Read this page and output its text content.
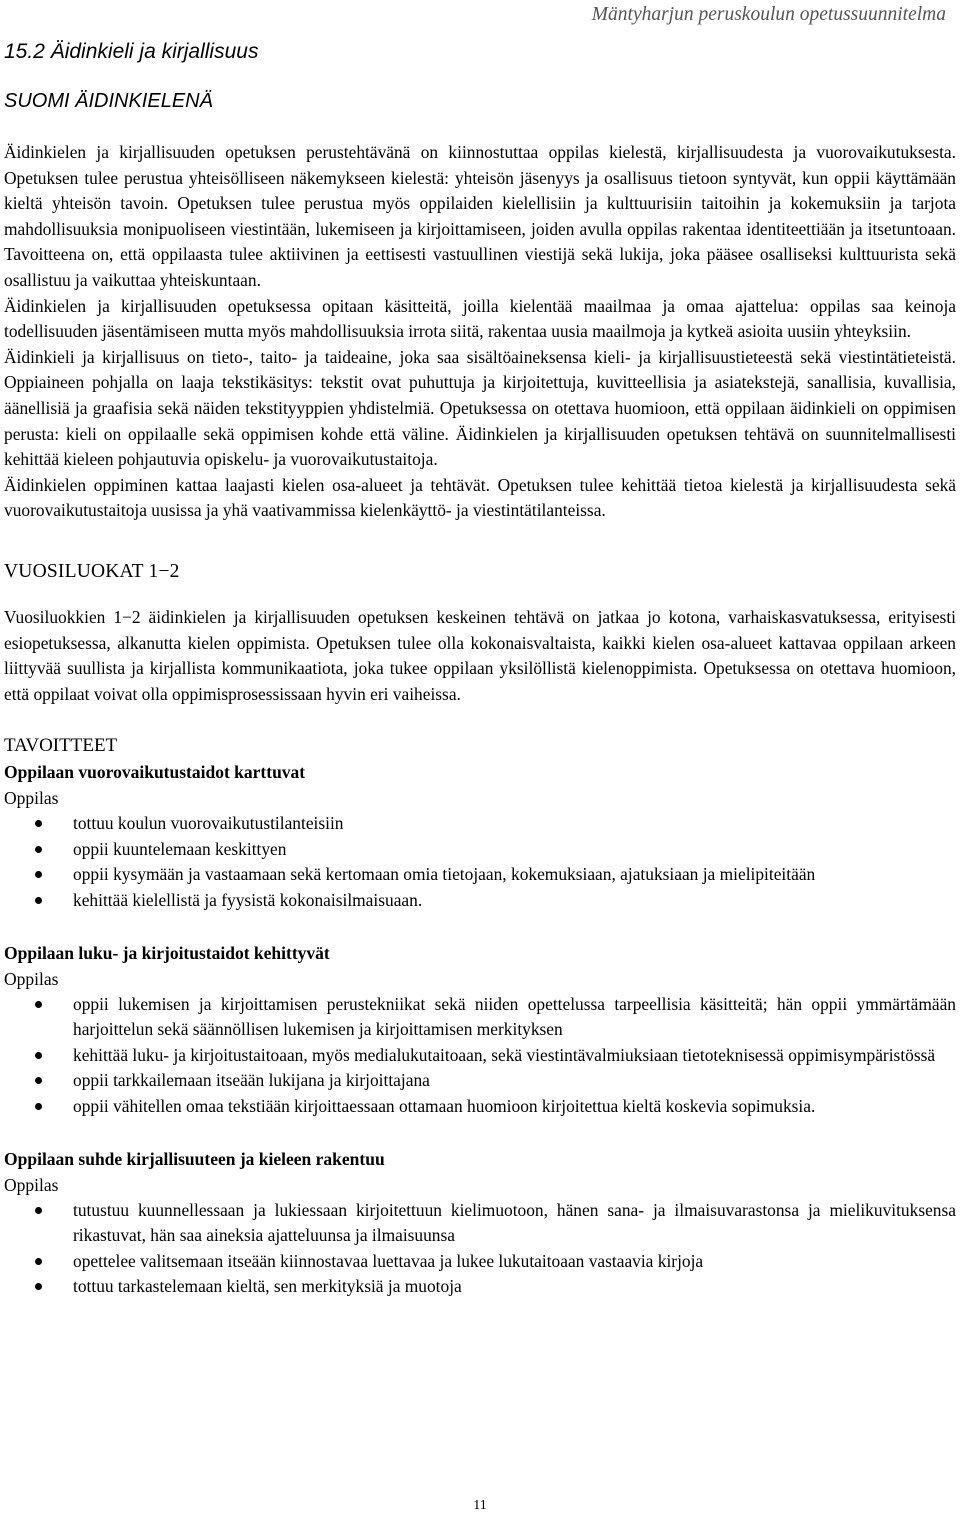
Mäntyharjun peruskoulun opetussuunnitelma
15.2 Äidinkieli ja kirjallisuus
SUOMI ÄIDINKIELENÄ

Äidinkielen ja kirjallisuuden opetuksen perustehtävänä on kiinnostuttaa oppilas kielestä, kirjallisuudesta ja vuorovaikutuksesta. Opetuksen tulee perustua yhteisölliseen näkemykseen kielestä: yhteisön jäsenyys ja osallisuus tietoon syntyvät, kun oppii käyttämään kieltä yhteisön tavoin. Opetuksen tulee perustua myös oppilaiden kielellisiin ja kulttuurisiin taitoihin ja kokemuksiin ja tarjota mahdollisuuksia monipuoliseen viestintään, lukemiseen ja kirjoittamiseen, joiden avulla oppilas rakentaa identiteettiään ja itsetuntoaan. Tavoitteena on, että oppilaasta tulee aktiivinen ja eettisesti vastuullinen viestijä sekä lukija, joka pääsee osalliseksi kulttuurista sekä osallistuu ja vaikuttaa yhteiskuntaan.

Äidinkielen ja kirjallisuuden opetuksessa opitaan käsitteitä, joilla kielentää maailmaa ja omaa ajattelua: oppilas saa keinoja todellisuuden jäsentämiseen mutta myös mahdollisuuksia irrota siitä, rakentaa uusia maailmoja ja kytkeä asioita uusiin yhteyksiin.

Äidinkieli ja kirjallisuus on tieto-, taito- ja taideaine, joka saa sisältöaineksensa kieli- ja kirjallisuustieteestä sekä viestintätieteistä. Oppiaineen pohjalla on laaja tekstikäsitys: tekstit ovat puhuttuja ja kirjoitettuja, kuvitteellisia ja asiatekstejä, sanallisia, kuvallisia, äänellisiä ja graafisia sekä näiden tekstityyppien yhdistelmiä. Opetuksessa on otettava huomioon, että oppilaan äidinkieli on oppimisen perusta: kieli on oppilaalle sekä oppimisen kohde että väline. Äidinkielen ja kirjallisuuden opetuksen tehtävä on suunnitelmallisesti kehittää kieleen pohjautuvia opiskelu- ja vuorovaikutustaitoja.

Äidinkielen oppiminen kattaa laajasti kielen osa-alueet ja tehtävät. Opetuksen tulee kehittää tietoa kielestä ja kirjallisuudesta sekä vuorovaikutustaitoja uusissa ja yhä vaativammissa kielenkäyttö- ja viestintätilanteissa.

VUOSILUOKAT 1−2

Vuosiluokkien 1−2 äidinkielen ja kirjallisuuden opetuksen keskeinen tehtävä on jatkaa jo kotona, varhaiskasvatuksessa, erityisesti esiopetuksessa, alkanutta kielen oppimista. Opetuksen tulee olla kokonaisvaltaista, kaikki kielen osa-alueet kattavaa oppilaan arkeen liittyvää suullista ja kirjallista kommunikaatiota, joka tukee oppilaan yksilöllistä kielenoppimista. Opetuksessa on otettava huomioon, että oppilaat voivat olla oppimisprosessissaan hyvin eri vaiheissa.

TAVOITTEET
Oppilaan vuorovaikutustaidot karttuvat
Oppilas
tottuu koulun vuorovaikutustilanteisiin
oppii kuuntelemaan keskittyen
oppii kysymään ja vastaamaan sekä kertomaan omia tietojaan, kokemuksiaan, ajatuksiaan ja mielipiteitään
kehittää kielellistä ja fyysistä kokonaisilmaisuaan.
Oppilaan luku- ja kirjoitustaidot kehittyvät
Oppilas
oppii lukemisen ja kirjoittamisen perustekniikat sekä niiden opettelussa tarpeellisia käsitteitä; hän oppii ymmärtämään harjoittelun sekä säännöllisen lukemisen ja kirjoittamisen merkityksen
kehittää luku- ja kirjoitustaitoaan, myös medialukutaitoaan, sekä viestintävalmiuksiaan tietoteknisessä oppimisympäristössä
oppii tarkkailemaan itseään lukijana ja kirjoittajana
oppii vähitellen omaa tekstiään kirjoittaessaan ottamaan huomioon kirjoitettua kieltä koskevia sopimuksia.
Oppilaan suhde kirjallisuuteen ja kieleen rakentuu
Oppilas
tutustuu kuunnellessaan ja lukiessaan kirjoitettuun kielimuotoon, hänen sana- ja ilmaisuvarastonsa ja mielikuvituksensa rikastuvat, hän saa aineksia ajatteluunsa ja ilmaisuunsa
opettelee valitsemaan itseään kiinnostavaa luettavaa ja lukee lukutaitoaan vastaavia kirjoja
tottuu tarkastelemaan kieltä, sen merkityksiä ja muotoja
11
